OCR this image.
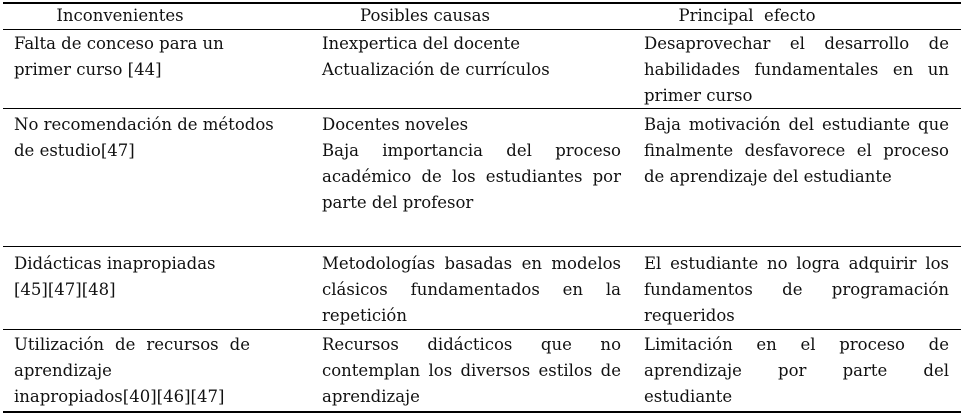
Inconvenientes	Posibles causas	Principal  efecto
Falta de conceso para un primer curso [44]
Inexpertica del docente
Actualización de currículos
Desaprovechar el desarrollo de habilidades fundamentales en un primer curso
No recomendación de métodos de estudio[47]
Docentes noveles
Baja importancia del proceso académico de los estudiantes por parte del profesor
Baja motivación del estudiante que finalmente desfavorece el proceso de aprendizaje del estudiante
Didácticas inapropiadas [45][47][48]
Metodologías basadas en modelos clásicos fundamentados en la repetición
El estudiante no logra adquirir los fundamentos de programación requeridos
Utilización de recursos de aprendizaje inapropiados[40][46][47]
Recursos didácticos que no contemplan los diversos estilos de aprendizaje
Limitación en el proceso de aprendizaje por parte del estudiante
